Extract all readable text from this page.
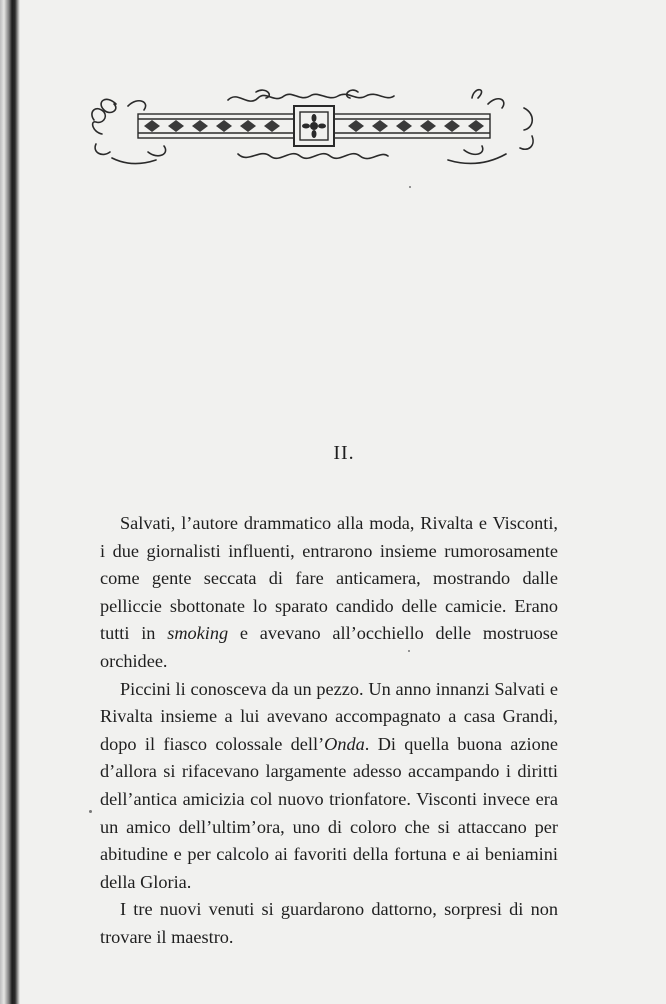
II.

Salvati, l’autore drammatico alla moda, Rivalta e Visconti, i due giornalisti influenti, entrarono insieme rumorosamente come gente seccata di fare anticamera, mostrando dalle pelliccie sbottonate lo sparato candido delle camicie. Erano tutti in smoking e avevano all’occhiello delle mostruose orchidee.

Piccini li conosceva da un pezzo. Un anno innanzi Salvati e Rivalta insieme a lui avevano accompagnato a casa Grandi, dopo il fiasco colossale dell’Onda. Di quella buona azione d’allora si rifacevano largamente adesso accampando i diritti dell’antica amicizia col nuovo trionfatore. Visconti invece era un amico dell’ultim’ora, uno di coloro che si attaccano per abitudine e per calcolo ai favoriti della fortuna e ai beniamini della Gloria.

I tre nuovi venuti si guardarono dattorno, sorpresi di non trovare il maestro.
